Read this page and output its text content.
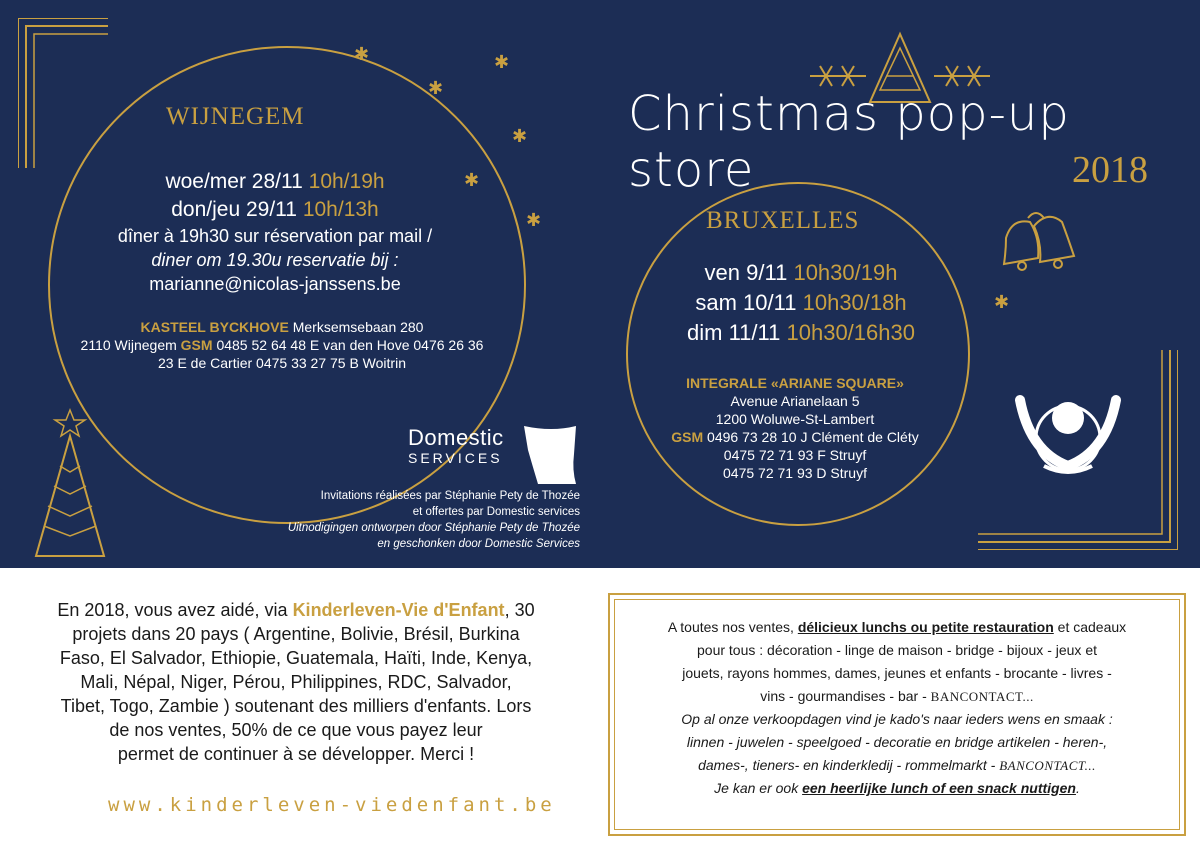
✱	✱
✱
✱
✱
✱
✱
WIJNEGEM
woe/mer 28/11 10h/19h
don/jeu 29/11 10h/13h
dîner à 19h30 sur réservation par mail /
diner om 19.30u reservatie bij :
marianne@nicolas-janssens.be
KASTEEL BYCKHOVE Merksemsebaan 280
2110 Wijnegem GSM 0485 52 64 48 E van den Hove 0476 26 36 23 E de Cartier 0475 33 27 75 B Woitrin
Christmas pop-up store	2018
BRUXELLES
ven 9/11 10h30/19h
sam 10/11 10h30/18h
dim 11/11 10h30/16h30
INTEGRALE «ARIANE SQUARE»
Avenue Arianelaan 5
1200 Woluwe-St-Lambert
GSM 0496 73 28 10 J Clément de Cléty
0475 72 71 93 F Struyf
0475 72 71 93 D Struyf
Domestic
SERVICES
Invitations réalisées par Stéphanie Pety de Thozée
et offertes par Domestic services
Uitnodigingen ontworpen door Stéphanie Pety de Thozée
en geschonken door Domestic Services
En 2018, vous avez aidé, via Kinderleven-Vie d'Enfant, 30
projets dans 20 pays ( Argentine, Bolivie, Brésil, Burkina
Faso, El Salvador, Ethiopie, Guatemala, Haïti, Inde, Kenya,
Mali, Népal, Niger, Pérou, Philippines, RDC, Salvador,
Tibet, Togo, Zambie ) soutenant des milliers d'enfants. Lors
de nos ventes, 50% de ce que vous payez leur
permet de continuer à se développer. Merci !
www.kinderleven-viedenfant.be
A toutes nos ventes, délicieux lunchs ou petite restauration et cadeaux
pour tous : décoration - linge de maison - bridge - bijoux - jeux et
jouets, rayons hommes, dames, jeunes et enfants - brocante - livres -
vins - gourmandises - bar - BANCONTACT...
Op al onze verkoopdagen vind je kado's naar ieders wens en smaak :
linnen - juwelen - speelgoed - decoratie en bridge artikelen - heren-,
dames-, tieners- en kinderkledij - rommelmarkt - BANCONTACT...
Je kan er ook een heerlijke lunch of een snack nuttigen.
